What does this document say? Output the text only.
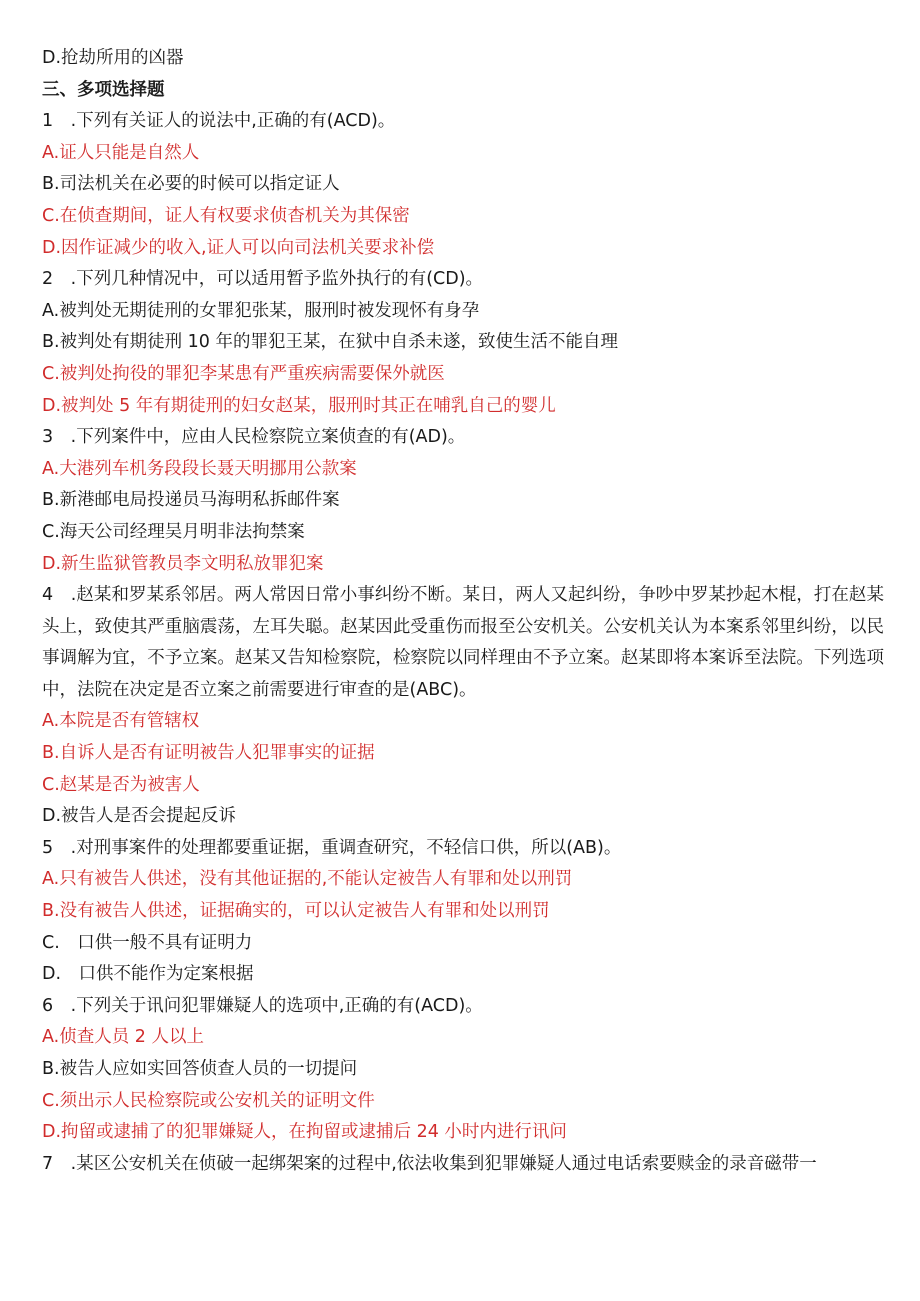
D.抢劫所用的凶器
三、多项选择题
1　.下列有关证人的说法中,正确的有(ACD)。
A.证人只能是自然人
B.司法机关在必要的时候可以指定证人
C.在侦查期间，证人有权要求侦杳机关为其保密
D.因作证减少的收入,证人可以向司法机关要求补偿
2　.下列几种情况中，可以适用暂予监外执行的有(CD)。
A.被判处无期徒刑的女罪犯张某，服刑时被发现怀有身孕
B.被判处有期徒刑 10 年的罪犯王某，在狱中自杀未遂，致使生活不能自理
C.被判处拘役的罪犯李某患有严重疾病需要保外就医
D.被判处 5 年有期徒刑的妇女赵某，服刑时其正在哺乳自己的婴儿
3　.下列案件中，应由人民检察院立案侦查的有(AD)。
A.大港列车机务段段长聂天明挪用公款案
B.新港邮电局投递员马海明私拆邮件案
C.海天公司经理吴月明非法拘禁案
D.新生监狱管教员李文明私放罪犯案
4　.赵某和罗某系邻居。两人常因日常小事纠纷不断。某日，两人又起纠纷，争吵中罗某抄起木棍，打在赵某头上，致使其严重脑震荡，左耳失聪。赵某因此受重伤而报至公安机关。公安机关认为本案系邻里纠纷，以民事调解为宜，不予立案。赵某又告知检察院，检察院以同样理由不予立案。赵某即将本案诉至法院。下列选项中，法院在决定是否立案之前需要进行审查的是(ABC)。
A.本院是否有管辖权
B.自诉人是否有证明被告人犯罪事实的证据
C.赵某是否为被害人
D.被告人是否会提起反诉
5　.对刑事案件的处理都要重证据，重调查研究，不轻信口供，所以(AB)。
A.只有被告人供述，没有其他证据的,不能认定被告人有罪和处以刑罚
B.没有被告人供述，证据确实的，可以认定被告人有罪和处以刑罚
C.　口供一般不具有证明力
D.　口供不能作为定案根据
6　.下列关于讯问犯罪嫌疑人的选项中,正确的有(ACD)。
A.侦查人员 2 人以上
B.被告人应如实回答侦查人员的一切提问
C.须出示人民检察院或公安机关的证明文件
D.拘留或逮捕了的犯罪嫌疑人，在拘留或逮捕后 24 小时内进行讯问
7　.某区公安机关在侦破一起绑架案的过程中,依法收集到犯罪嫌疑人通过电话索要赎金的录音磁带一
